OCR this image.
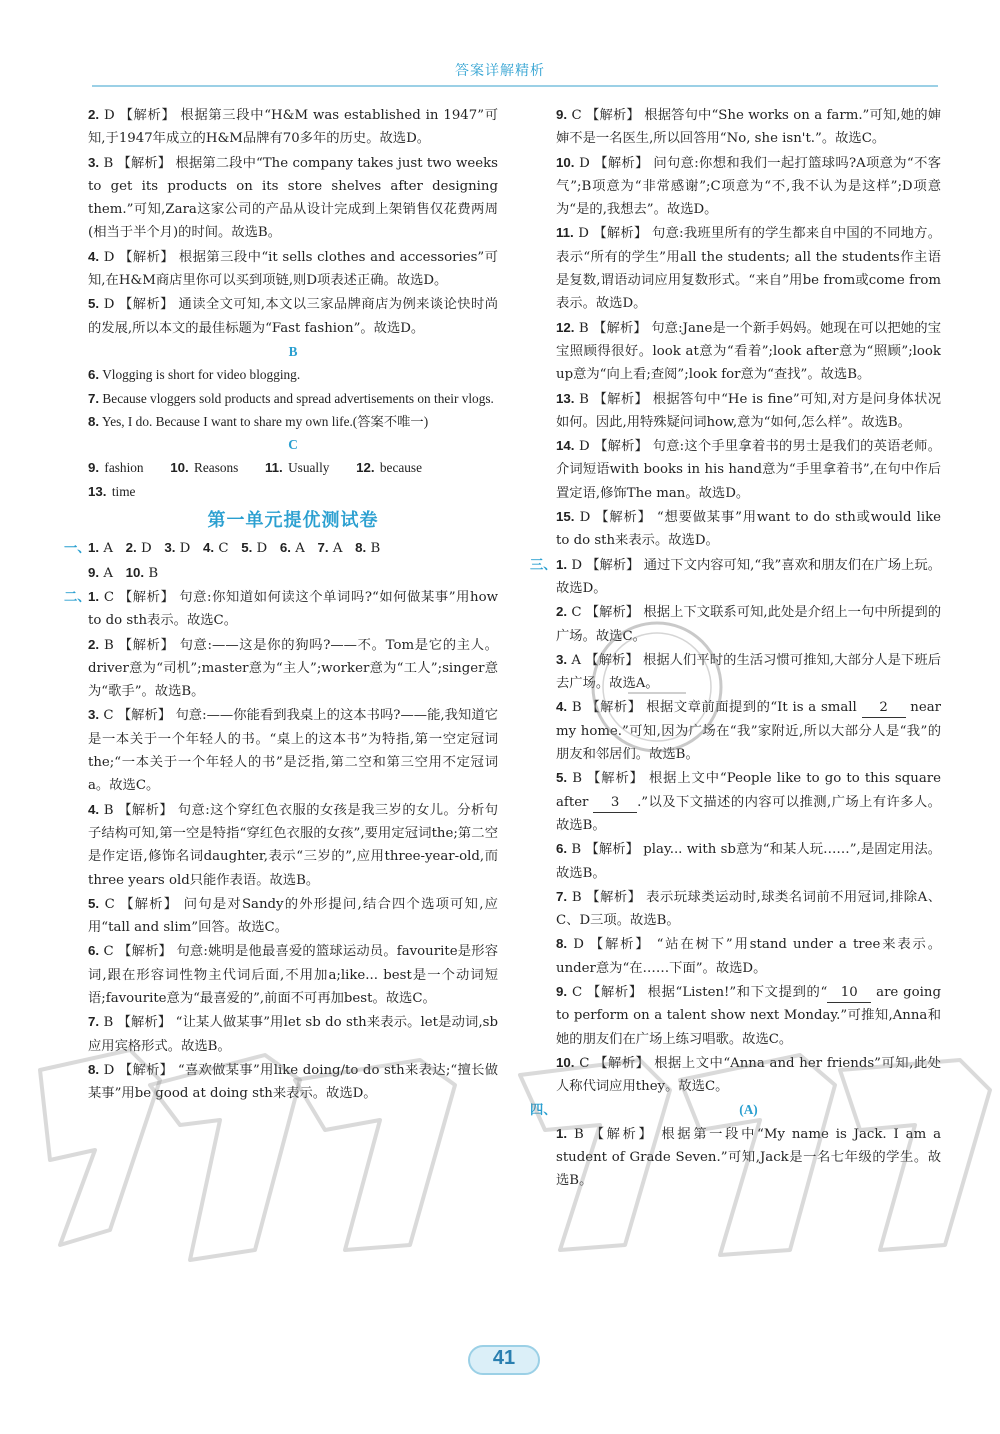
答案详解精析
2. D 【解析】 根据第三段中“H&M was established in 1947”可知,于1947年成立的H&M品牌有70多年的历史。故选D。
3. B 【解析】 根据第二段中“The company takes just two weeks to get its products on its store shelves after designing them.”可知,Zara这家公司的产品从设计完成到上架销售仅花费两周(相当于半个月)的时间。故选B。
4. D 【解析】 根据第三段中“it sells clothes and accessories”可知,在H&M商店里你可以买到项链,则D项表述正确。故选D。
5. D 【解析】 通读全文可知,本文以三家品牌商店为例来谈论快时尚的发展,所以本文的最佳标题为“Fast fashion”。故选D。
B
6. Vlogging is short for video blogging.
7. Because vloggers sold products and spread advertisements on their vlogs.
8. Yes, I do. Because I want to share my own life.(答案不唯一)
C
9. fashion 10. Reasons 11. Usually 12. because
13. time
第一单元提优测试卷
一、
1. A 2. D 3. D 4. C 5. D 6. A 7. A 8. B
9. A 10. B
二、
1. C 【解析】 句意:你知道如何读这个单词吗?“如何做某事”用how to do sth表示。故选C。
2. B 【解析】 句意:——这是你的狗吗?——不。Tom是它的主人。driver意为“司机”;master意为“主人”;worker意为“工人”;singer意为“歌手”。故选B。
3. C 【解析】 句意:——你能看到我桌上的这本书吗?——能,我知道它是一本关于一个年轻人的书。“桌上的这本书”为特指,第一空定冠词the;“一本关于一个年轻人的书”是泛指,第二空和第三空用不定冠词a。故选C。
4. B 【解析】 句意:这个穿红色衣服的女孩是我三岁的女儿。分析句子结构可知,第一空是特指“穿红色衣服的女孩”,要用定冠词the;第二空是作定语,修饰名词daughter,表示“三岁的”,应用three-year-old,而three years old只能作表语。故选B。
5. C 【解析】 问句是对Sandy的外形提问,结合四个选项可知,应用“tall and slim”回答。故选C。
6. C 【解析】 句意:姚明是他最喜爱的篮球运动员。favourite是形容词,跟在形容词性物主代词后面,不用加a;like... best是一个动词短语;favourite意为“最喜爱的”,前面不可再加best。故选C。
7. B 【解析】 “让某人做某事”用let sb do sth来表示。let是动词,sb应用宾格形式。故选B。
8. D 【解析】 “喜欢做某事”用like doing/to do sth来表达;“擅长做某事”用be good at doing sth来表示。故选D。
9. C 【解析】 根据答句中“She works on a farm.”可知,她的婶婶不是一名医生,所以回答用“No, she isn't.”。故选C。
10. D 【解析】 问句意:你想和我们一起打篮球吗?A项意为“不客气”;B项意为“非常感谢”;C项意为“不,我不认为是这样”;D项意为“是的,我想去”。故选D。
11. D 【解析】 句意:我班里所有的学生都来自中国的不同地方。表示“所有的学生”用all the students; all the students作主语是复数,谓语动词应用复数形式。“来自”用be from或come from表示。故选D。
12. B 【解析】 句意:Jane是一个新手妈妈。她现在可以把她的宝宝照顾得很好。look at意为“看着”;look after意为“照顾”;look up意为“向上看;查阅”;look for意为“查找”。故选B。
13. B 【解析】 根据答句中“He is fine”可知,对方是问身体状况如何。因此,用特殊疑问词how,意为“如何,怎么样”。故选B。
14. D 【解析】 句意:这个手里拿着书的男士是我们的英语老师。介词短语with books in his hand意为“手里拿着书”,在句中作后置定语,修饰The man。故选D。
15. D 【解析】 “想要做某事”用want to do sth或would like to do sth来表示。故选D。
三、 1. D 【解析】 通过下文内容可知,“我”喜欢和朋友们在广场上玩。故选D。
2. C 【解析】 根据上下文联系可知,此处是介绍上一句中所提到的广场。故选C。
3. A 【解析】 根据人们平时的生活习惯可推知,大部分人是下班后去广场。故选A。
4. B 【解析】 根据文章前面提到的“It is a small 2 near my home.”可知,因为广场在“我”家附近,所以大部分人是“我”的朋友和邻居们。故选B。
5. B 【解析】 根据上文中“People like to go to this square after 3 .”以及下文描述的内容可以推测,广场上有许多人。故选B。
6. B 【解析】 play... with sb意为“和某人玩……”,是固定用法。故选B。
7. B 【解析】 表示玩球类运动时,球类名词前不用冠词,排除A、C、D三项。故选B。
8. D 【解析】 “站在树下”用stand under a tree来表示。under意为“在……下面”。故选D。
9. C 【解析】 根据“Listen!”和下文提到的“ 10 are going to perform on a talent show next Monday.”可推知,Anna和她的朋友们在广场上练习唱歌。故选C。
10. C 【解析】 根据上文中“Anna and her friends”可知,此处人称代词应用they。故选C。
四、	(A)
1. B 【解析】 根据第一段中“My name is Jack. I am a student of Grade Seven.”可知,Jack是一名七年级的学生。故选B。
41
